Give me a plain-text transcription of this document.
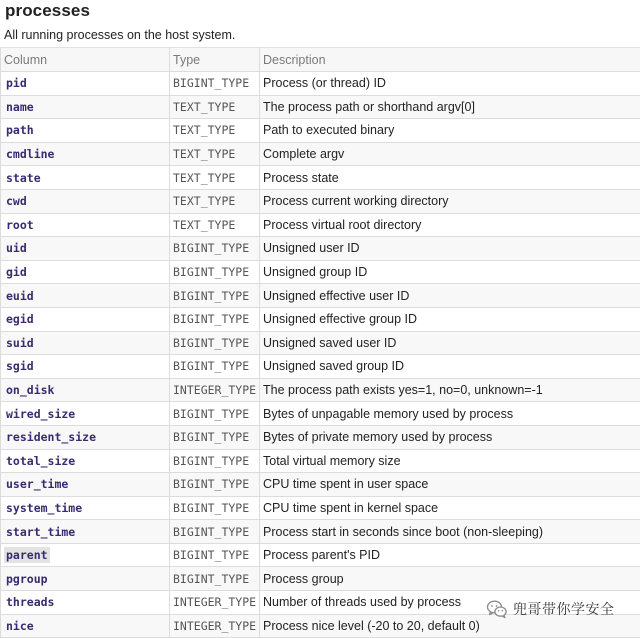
processes
All running processes on the host system.
Column	Type	Description
pid	BIGINT_TYPE	Process (or thread) ID
name	TEXT_TYPE	The process path or shorthand argv[0]
path	TEXT_TYPE	Path to executed binary
cmdline	TEXT_TYPE	Complete argv
state	TEXT_TYPE	Process state
cwd	TEXT_TYPE	Process current working directory
root	TEXT_TYPE	Process virtual root directory
uid	BIGINT_TYPE	Unsigned user ID
gid	BIGINT_TYPE	Unsigned group ID
euid	BIGINT_TYPE	Unsigned effective user ID
egid	BIGINT_TYPE	Unsigned effective group ID
suid	BIGINT_TYPE	Unsigned saved user ID
sgid	BIGINT_TYPE	Unsigned saved group ID
on_disk	INTEGER_TYPE	The process path exists yes=1, no=0, unknown=-1
wired_size	BIGINT_TYPE	Bytes of unpagable memory used by process
resident_size	BIGINT_TYPE	Bytes of private memory used by process
total_size	BIGINT_TYPE	Total virtual memory size
user_time	BIGINT_TYPE	CPU time spent in user space
system_time	BIGINT_TYPE	CPU time spent in kernel space
start_time	BIGINT_TYPE	Process start in seconds since boot (non-sleeping)
parent	BIGINT_TYPE	Process parent's PID
pgroup	BIGINT_TYPE	Process group
threads	INTEGER_TYPE	Number of threads used by process
nice	INTEGER_TYPE	Process nice level (-20 to 20, default 0)
兜哥带你学安全
